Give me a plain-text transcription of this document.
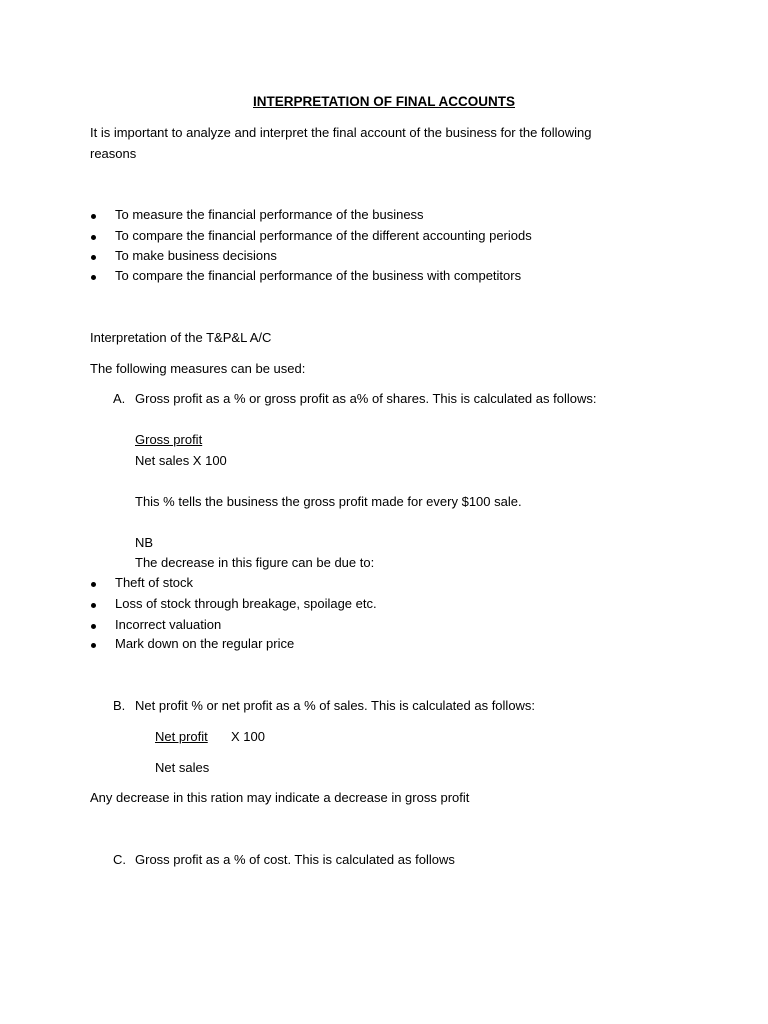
INTERPRETATION OF FINAL ACCOUNTS
It is important to analyze and interpret the final account of the business for the following
reasons
To measure the financial performance of the business
To compare the financial performance of the different accounting periods
To make business decisions
To compare the financial performance of the business with competitors
Interpretation of the T&P&L A/C
The following measures can be used:
A. Gross profit as a % or gross profit as a% of shares. This is calculated as follows:
Gross profit
Net sales X 100
This % tells the business the gross profit made for every $100 sale.
NB
The decrease in this figure can be due to:
Theft of stock
Loss of stock through breakage, spoilage etc.
Incorrect valuation
Mark down on the regular price
B. Net profit % or net profit as a % of sales. This is calculated as follows:
Net profit X 100
Net sales
Any decrease in this ration may indicate a decrease in gross profit
C. Gross profit as a % of cost. This is calculated as follows
